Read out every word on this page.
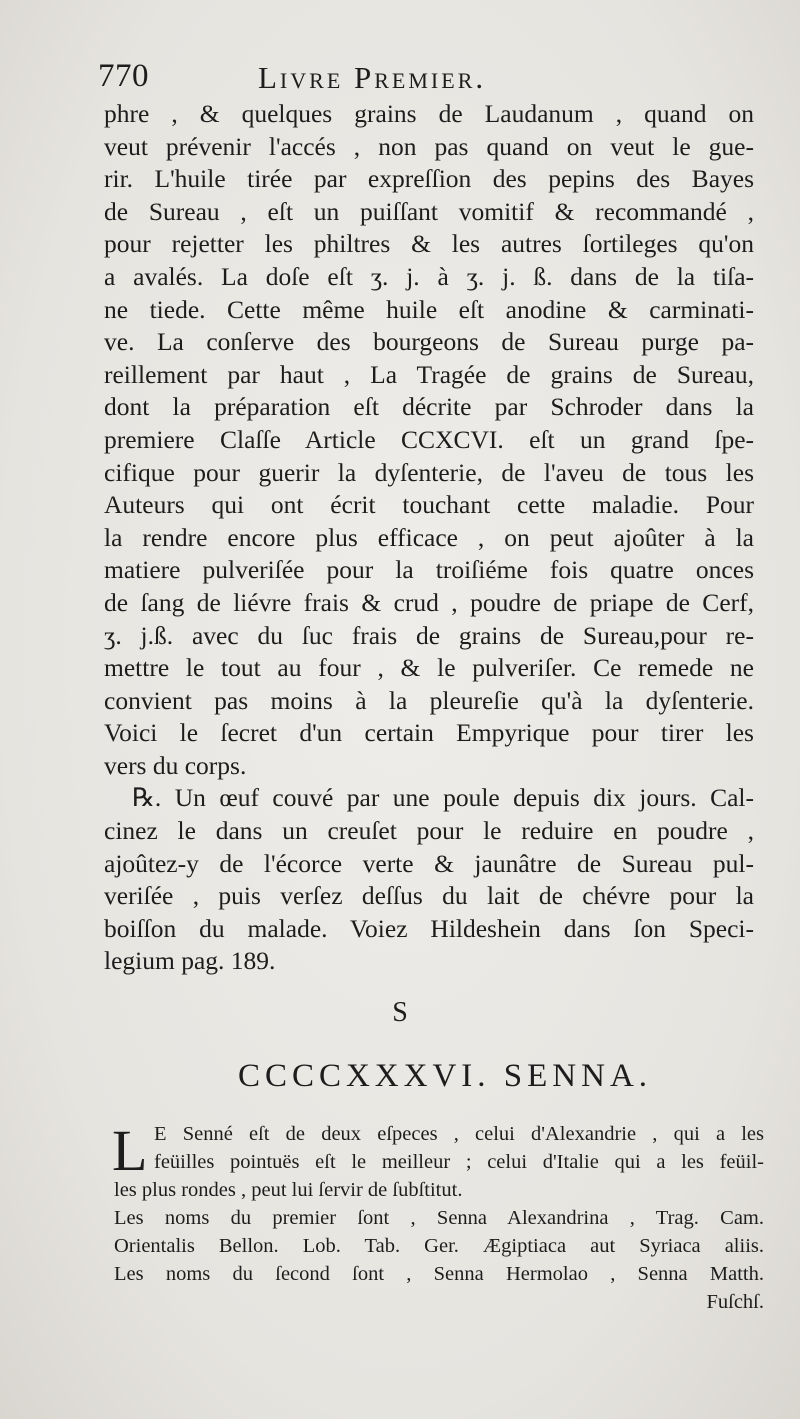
770	Livre Premier.
phre , & quelques grains de Laudanum , quand on
veut prévenir l'accés , non pas quand on veut le gue-
rir. L'huile tirée par expreſſion des pepins des Bayes
de Sureau , eſt un puiſſant vomitif & recommandé ,
pour rejetter les philtres & les autres ſortileges qu'on
a avalés. La doſe eſt ʒ. j. à ʒ. j. ß. dans de la tiſa-
ne tiede. Cette même huile eſt anodine & carminati-
ve. La conſerve des bourgeons de Sureau purge pa-
reillement par haut , La Tragée de grains de Sureau,
dont la préparation eſt décrite par Schroder dans la
premiere Claſſe Article CCXCVI. eſt un grand ſpe-
cifique pour guerir la dyſenterie, de l'aveu de tous les
Auteurs qui ont écrit touchant cette maladie. Pour
la rendre encore plus efficace , on peut ajoûter à la
matiere pulveriſée pour la troiſiéme fois quatre onces
de ſang de liévre frais & crud , poudre de priape de Cerf,
ʒ. j.ß. avec du ſuc frais de grains de Sureau,pour re-
mettre le tout au four , & le pulveriſer. Ce remede ne
convient pas moins à la pleureſie qu'à la dyſenterie.
Voici le ſecret d'un certain Empyrique pour tirer les
vers du corps.
℞. Un œuf couvé par une poule depuis dix jours. Cal-
cinez le dans un creuſet pour le reduire en poudre ,
ajoûtez-y de l'écorce verte & jaunâtre de Sureau pul-
veriſée , puis verſez deſſus du lait de chévre pour la
boiſſon du malade. Voiez Hildeshein dans ſon Speci-
legium pag. 189.
S
CCCCXXXVI. SENNA.
L E Senné eſt de deux eſpeces , celui d'Alexandrie , qui a les
feüilles pointuës eſt le meilleur ; celui d'Italie qui a les feüil-
les plus rondes , peut lui ſervir de ſubſtitut.
Les noms du premier ſont , Senna Alexandrina , Trag. Cam.
Orientalis Bellon. Lob. Tab. Ger. Ægiptiaca aut Syriaca aliis.
Les noms du ſecond ſont , Senna Hermolao , Senna Matth.
Fuſchſ.
